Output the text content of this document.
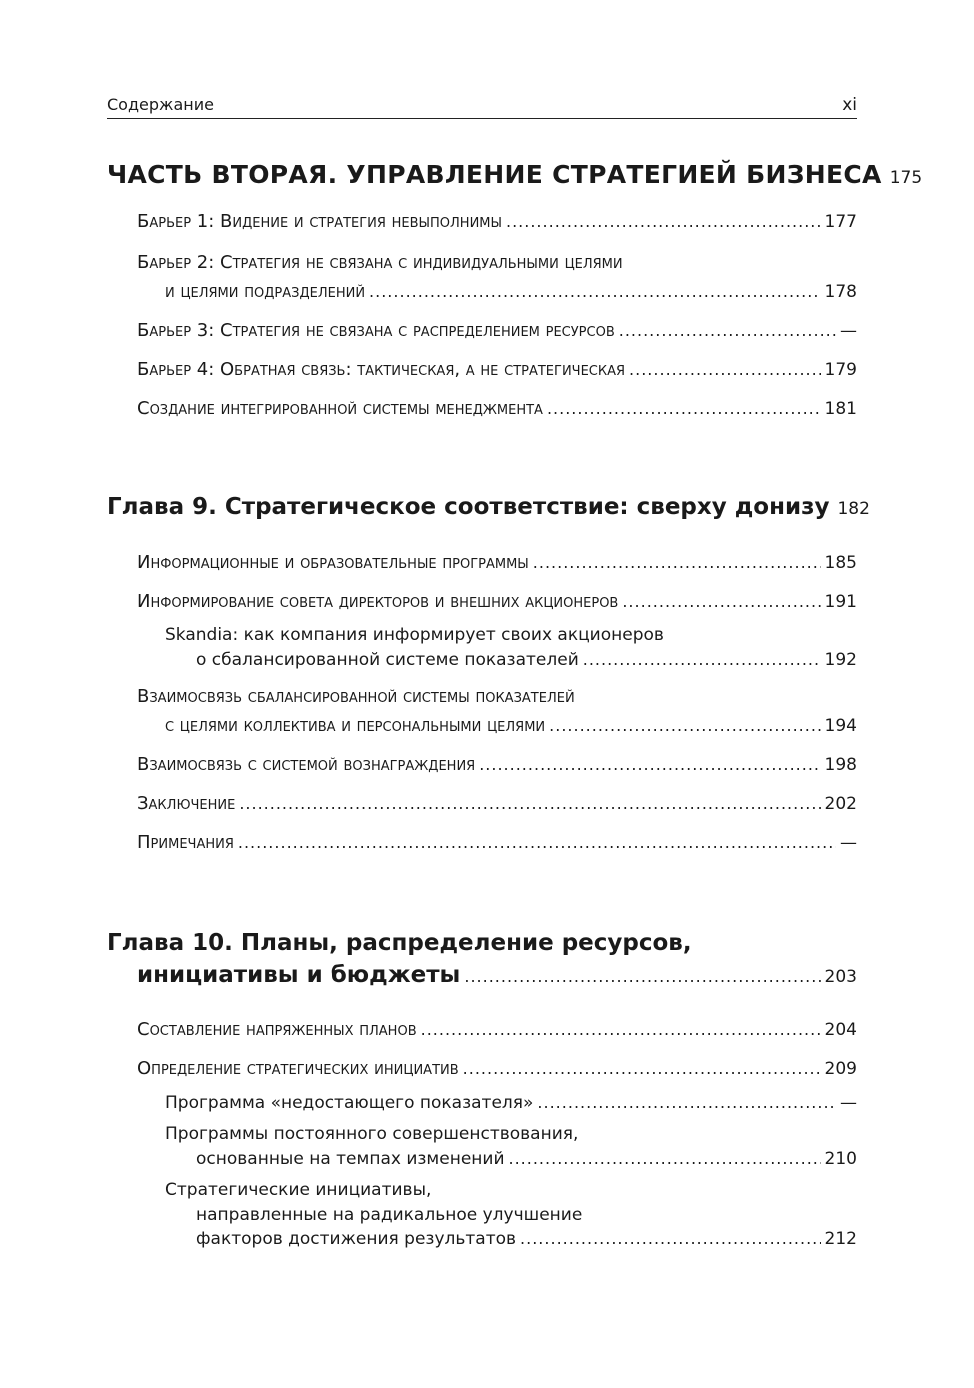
Содержание	xi
ЧАСТЬ ВТОРАЯ. УПРАВЛЕНИЕ СТРАТЕГИЕЙ БИЗНЕСА 175
Барьер 1: Видение и стратегия невыполнимы .....	177
Барьер 2: Стратегия не связана с индивидуальными целями
и целями подразделений .....	178
Барьер 3: Стратегия не связана с распределением ресурсов .....	—
Барьер 4: Обратная связь: тактическая, а не стратегическая .....	179
Создание интегрированной системы менеджмента .....	181
Глава 9. Стратегическое соответствие: сверху донизу 182
Информационные и образовательные программы .....	185
Информирование совета директоров и внешних акционеров .....	191
Skandia: как компания информирует своих акционеров
о сбалансированной системе показателей .....	192
Взаимосвязь сбалансированной системы показателей
с целями коллектива и персональными целями .....	194
Взаимосвязь с системой вознаграждения .....	198
Заключение .....	202
Примечания .....	—
Глава 10. Планы, распределение ресурсов,
инициативы и бюджеты .....	203
Составление напряженных планов .....	204
Определение стратегических инициатив .....	209
Программа «недостающего показателя» .....	—
Программы постоянного совершенствования,
основанные на темпах изменений .....	210
Стратегические инициативы,
направленные на радикальное улучшение
факторов достижения результатов .....	212
